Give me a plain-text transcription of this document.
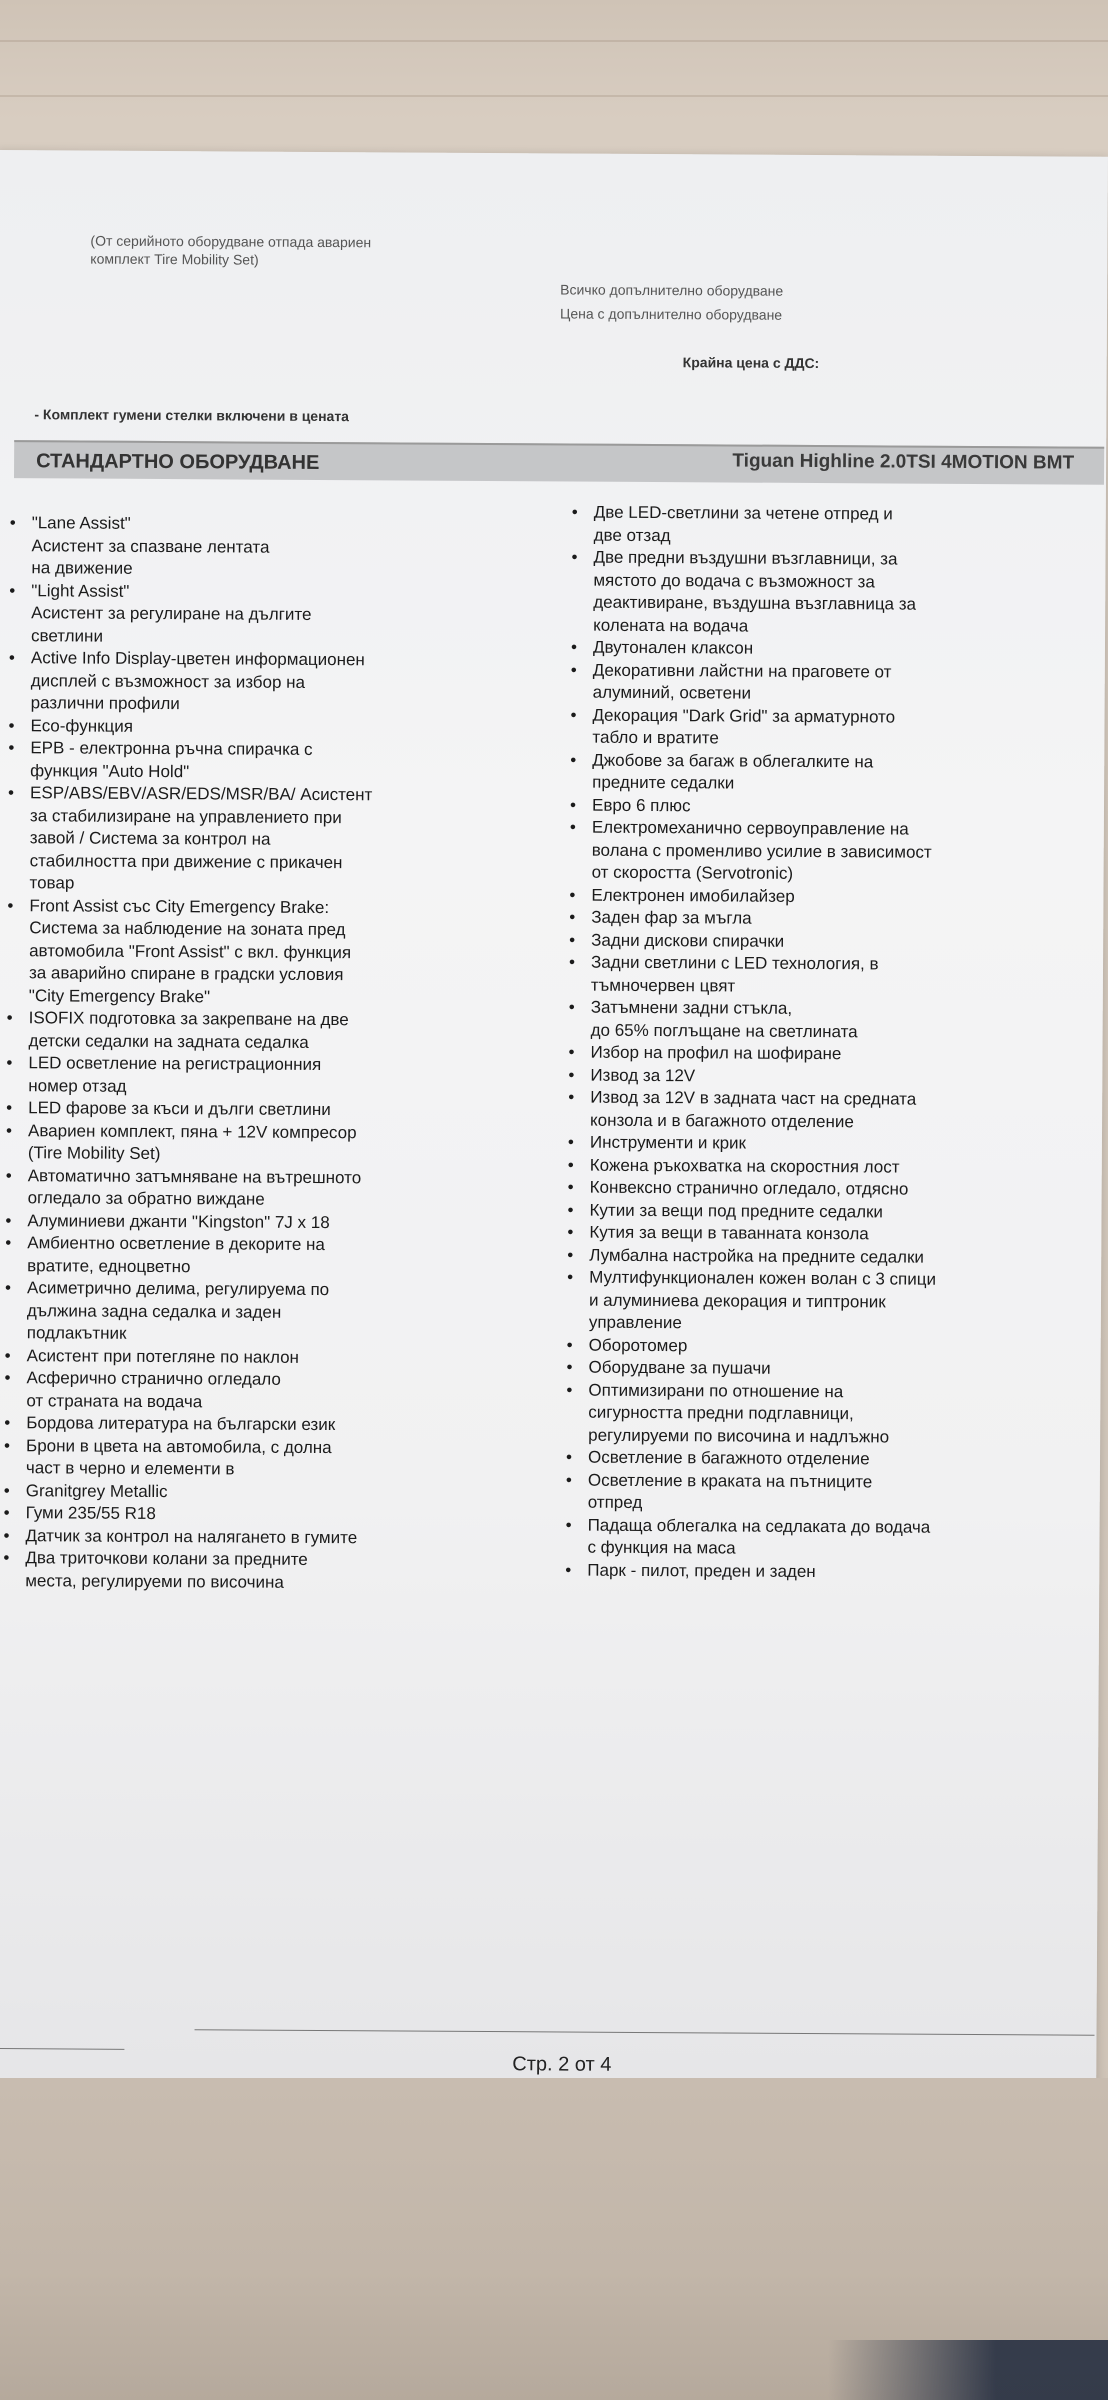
(От серийното оборудване отпада авариен
комплект Tire Mobility Set)
Всичко допълнително оборудване
Цена с допълнително оборудване
Крайна цена с ДДС:
- Комплект гумени стелки включени в цената
СТАНДАРТНО ОБОРУДВАНЕ	Tiguan Highline 2.0TSI 4MOTION BMT
• "Lane Assist"
Асистент за спазване лентата
на движение
• "Light Assist"
Асистент за регулиране на дългите
светлини
• Active Info Display-цветен информационен
дисплей с възможност за избор на
различни профили
• Eco-функция
• EPB - електронна ръчна спирачка с
функция "Auto Hold"
• ESP/ABS/EBV/ASR/EDS/MSR/BA/ Асистент
за стабилизиране на управлението при
завой / Система за контрол на
стабилността при движение с прикачен
товар
• Front Assist със City Emergency Brake:
Система за наблюдение на зоната пред
автомобила "Front Assist" с вкл. функция
за аварийно спиране в градски условия
"City Emergency Brake"
• ISOFIX подготовка за закрепване на две
детски седалки на задната седалка
• LED осветление на регистрационния
номер отзад
• LED фарове за къси и дълги светлини
• Авариен комплект, пяна + 12V компресор
(Tire Mobility Set)
• Автоматично затъмняване на вътрешното
огледало за обратно виждане
• Алуминиеви джанти "Kingston" 7J x 18
• Амбиентно осветление в декорите на
вратите, едноцветно
• Асиметрично делима, регулируема по
дължина задна седалка и заден
подлакътник
• Асистент при потегляне по наклон
• Асферично странично огледало
от страната на водача
• Бордова литература на български език
• Брони в цвета на автомобила, с долна
част в черно и елементи в
• Granitgrey Metallic
• Гуми 235/55 R18
• Датчик за контрол на налягането в гумите
• Два триточкови колани за предните
места, регулируеми по височина
• Две LED-светлини за четене отпред и
две отзад
• Две предни въздушни възглавници, за
мястото до водача с възможност за
деактивиране, въздушна възглавница за
колената на водача
• Двутонален клаксон
• Декоративни лайстни на праговете от
алуминий, осветени
• Декорация "Dark Grid" за арматурното
табло и вратите
• Джобове за багаж в облегалките на
предните седалки
• Евро 6 плюс
• Електромеханично сервоуправление на
волана с променливо усилие в зависимост
от скоростта (Servotronic)
• Електронен имобилайзер
• Заден фар за мъгла
• Задни дискови спирачки
• Задни светлини с LED технология, в
тъмночервен цвят
• Затъмнени задни стъкла,
до 65% поглъщане на светлината
• Избор на профил на шофиране
• Извод за 12V
• Извод за 12V в задната част на средната
конзола и в багажното отделение
• Инструменти и крик
• Кожена ръкохватка на скоростния лост
• Конвексно странично огледало, отдясно
• Кутии за вещи под предните седалки
• Кутия за вещи в таванната конзола
• Лумбална настройка на предните седалки
• Мултифункционален кожен волан с 3 спици
и алуминиева декорация и типтроник
управление
• Оборотомер
• Оборудване за пушачи
• Оптимизирани по отношение на
сигурността предни подглавници,
регулируеми по височина и надлъжно
• Осветление в багажното отделение
• Осветление в краката на пътниците
отпред
• Падаща облегалка на седлаката до водача
с функция на маса
• Парк - пилот, преден и заден
Стр. 2 от 4
